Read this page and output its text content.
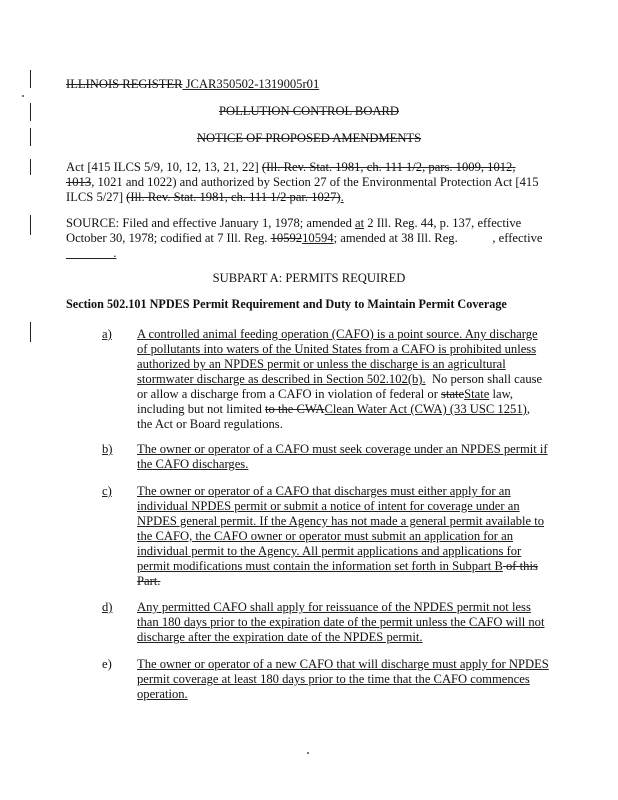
ILLINOIS REGISTER JCAR350502-1319005r01
POLLUTION CONTROL BOARD
NOTICE OF PROPOSED AMENDMENTS
Act [415 ILCS 5/9, 10, 12, 13, 21, 22] (Ill. Rev. Stat. 1981, ch. 111 1/2, pars. 1009, 1012,
1013, 1021 and 1022) and authorized by Section 27 of the Environmental Protection Act [415
ILCS 5/27] (Ill. Rev. Stat. 1981, ch. 111 1/2 par. 1027).
SOURCE: Filed and effective January 1, 1978; amended at 2 Ill. Reg. 44, p. 137, effective
October 30, 1978; codified at 7 Ill. Reg. 1059210594; amended at 38 Ill. Reg.           , effective
.
SUBPART A: PERMITS REQUIRED
Section 502.101 NPDES Permit Requirement and Duty to Maintain Permit Coverage
a) A controlled animal feeding operation (CAFO) is a point source. Any discharge
of pollutants into waters of the United States from a CAFO is prohibited unless
authorized by an NPDES permit or unless the discharge is an agricultural
stormwater discharge as described in Section 502.102(b).  No person shall cause
or allow a discharge from a CAFO in violation of federal or stateState law,
including but not limited to the CWAClean Water Act (CWA) (33 USC 1251),
the Act or Board regulations.
b) The owner or operator of a CAFO must seek coverage under an NPDES permit if
the CAFO discharges.
c) The owner or operator of a CAFO that discharges must either apply for an
individual NPDES permit or submit a notice of intent for coverage under an
NPDES general permit. If the Agency has not made a general permit available to
the CAFO, the CAFO owner or operator must submit an application for an
individual permit to the Agency. All permit applications and applications for
permit modifications must contain the information set forth in Subpart B of this
Part.
d) Any permitted CAFO shall apply for reissuance of the NPDES permit not less
than 180 days prior to the expiration date of the permit unless the CAFO will not
discharge after the expiration date of the NPDES permit.
e) The owner or operator of a new CAFO that will discharge must apply for NPDES
permit coverage at least 180 days prior to the time that the CAFO commences
operation.
